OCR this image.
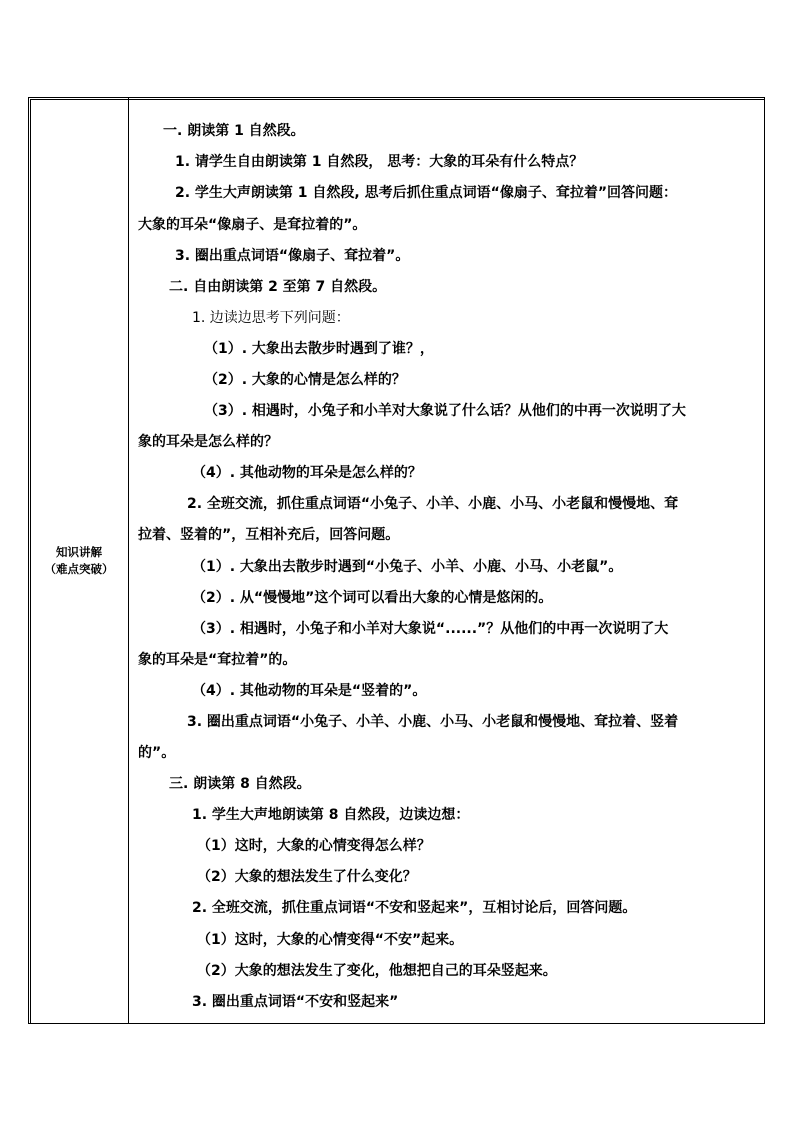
知识讲解
（难点突破）
一. 朗读第 1 自然段。
1. 请学生自由朗读第 1 自然段， 思考：大象的耳朵有什么特点？
2. 学生大声朗读第 1 自然段, 思考后抓住重点词语“像扇子、耷拉着”回答问题：
大象的耳朵“像扇子、是耷拉着的”。
3. 圈出重点词语“像扇子、耷拉着”。
二. 自由朗读第 2 至第 7 自然段。
1. 边读边思考下列问题：
（1）. 大象出去散步时遇到了谁？，
（2）. 大象的心情是怎么样的？
（3）. 相遇时，小兔子和小羊对大象说了什么话？从他们的中再一次说明了大
象的耳朵是怎么样的？
（4）. 其他动物的耳朵是怎么样的？
2. 全班交流，抓住重点词语“小兔子、小羊、小鹿、小马、小老鼠和慢慢地、耷
拉着、竖着的”，互相补充后，回答问题。
（1）. 大象出去散步时遇到“小兔子、小羊、小鹿、小马、小老鼠”。
（2）. 从“慢慢地”这个词可以看出大象的心情是悠闲的。
（3）. 相遇时，小兔子和小羊对大象说“......”？从他们的中再一次说明了大
象的耳朵是“耷拉着”的。
（4）. 其他动物的耳朵是“竖着的”。
3. 圈出重点词语“小兔子、小羊、小鹿、小马、小老鼠和慢慢地、耷拉着、竖着
的”。
三. 朗读第 8 自然段。
1. 学生大声地朗读第 8 自然段，边读边想：
（1）这时，大象的心情变得怎么样？
（2）大象的想法发生了什么变化？
2. 全班交流，抓住重点词语“不安和竖起来”，互相讨论后，回答问题。
（1）这时，大象的心情变得“不安”起来。
（2）大象的想法发生了变化，他想把自己的耳朵竖起来。
3. 圈出重点词语“不安和竖起来”
